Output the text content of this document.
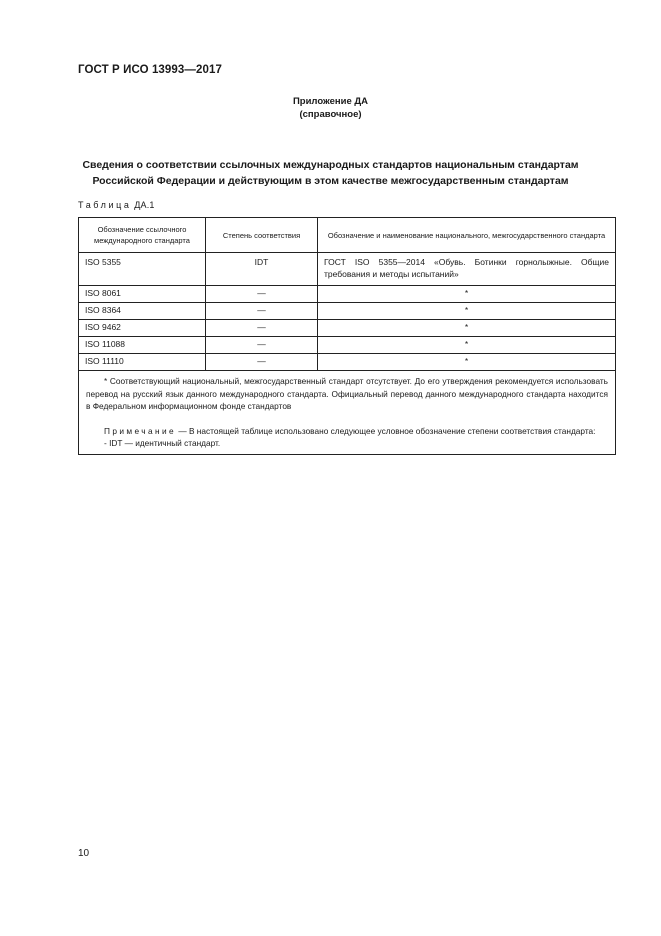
ГОСТ Р ИСО 13993—2017
Приложение ДА
(справочное)
Сведения о соответствии ссылочных международных стандартов национальным стандартам
Российской Федерации и действующим в этом качестве межгосударственным стандартам
Таблица ДА.1
Обозначение ссылочного международного стандарта	Степень соответствия	Обозначение и наименование национального, межгосударственного стандарта
ISO 5355	IDT	ГОСТ ISO 5355—2014 «Обувь. Ботинки горнолыжные. Общие требования и методы испытаний»
ISO 8061	—	*
ISO 8364	—	*
ISO 9462	—	*
ISO 11088	—	*
ISO 11110	—	*

* Соответствующий национальный, межгосударственный стандарт отсутствует. До его утверждения рекомендуется использовать перевод на русский язык данного международного стандарта. Официальный перевод данного международного стандарта находится в Федеральном информационном фонде стандартов
Примечание — В настоящей таблице использовано следующее условное обозначение степени соответствия стандарта:
- IDT — идентичный стандарт.		
10
